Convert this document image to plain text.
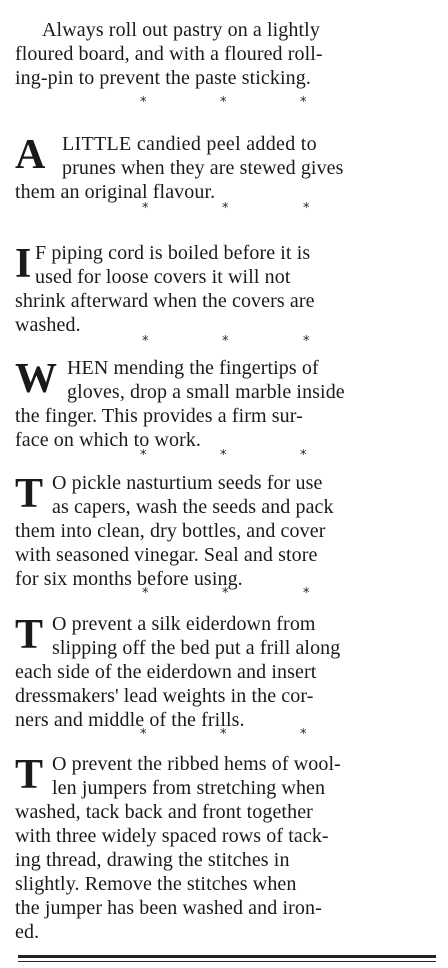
Always roll out pastry on a lightly
floured board, and with a floured roll-
ing-pin to prevent the paste sticking.
*	*	*
A LITTLE candied peel added to
prunes when they are stewed gives
them an original flavour.
*	*	*
I F piping cord is boiled before it is
used for loose covers it will not
shrink afterward when the covers are
washed.
*	*	*
W HEN mending the fingertips of
gloves, drop a small marble inside
the finger. This provides a firm sur-
face on which to work.
*	*	*
T O pickle nasturtium seeds for use
as capers, wash the seeds and pack
them into clean, dry bottles, and cover
with seasoned vinegar. Seal and store
for six months before using.
*	*	*
T O prevent a silk eiderdown from
slipping off the bed put a frill along
each side of the eiderdown and insert
dressmakers' lead weights in the cor-
ners and middle of the frills.
*	*	*
T O prevent the ribbed hems of wool-
len jumpers from stretching when
washed, tack back and front together
with three widely spaced rows of tack-
ing thread, drawing the stitches in
slightly. Remove the stitches when
the jumper has been washed and iron-
ed.
